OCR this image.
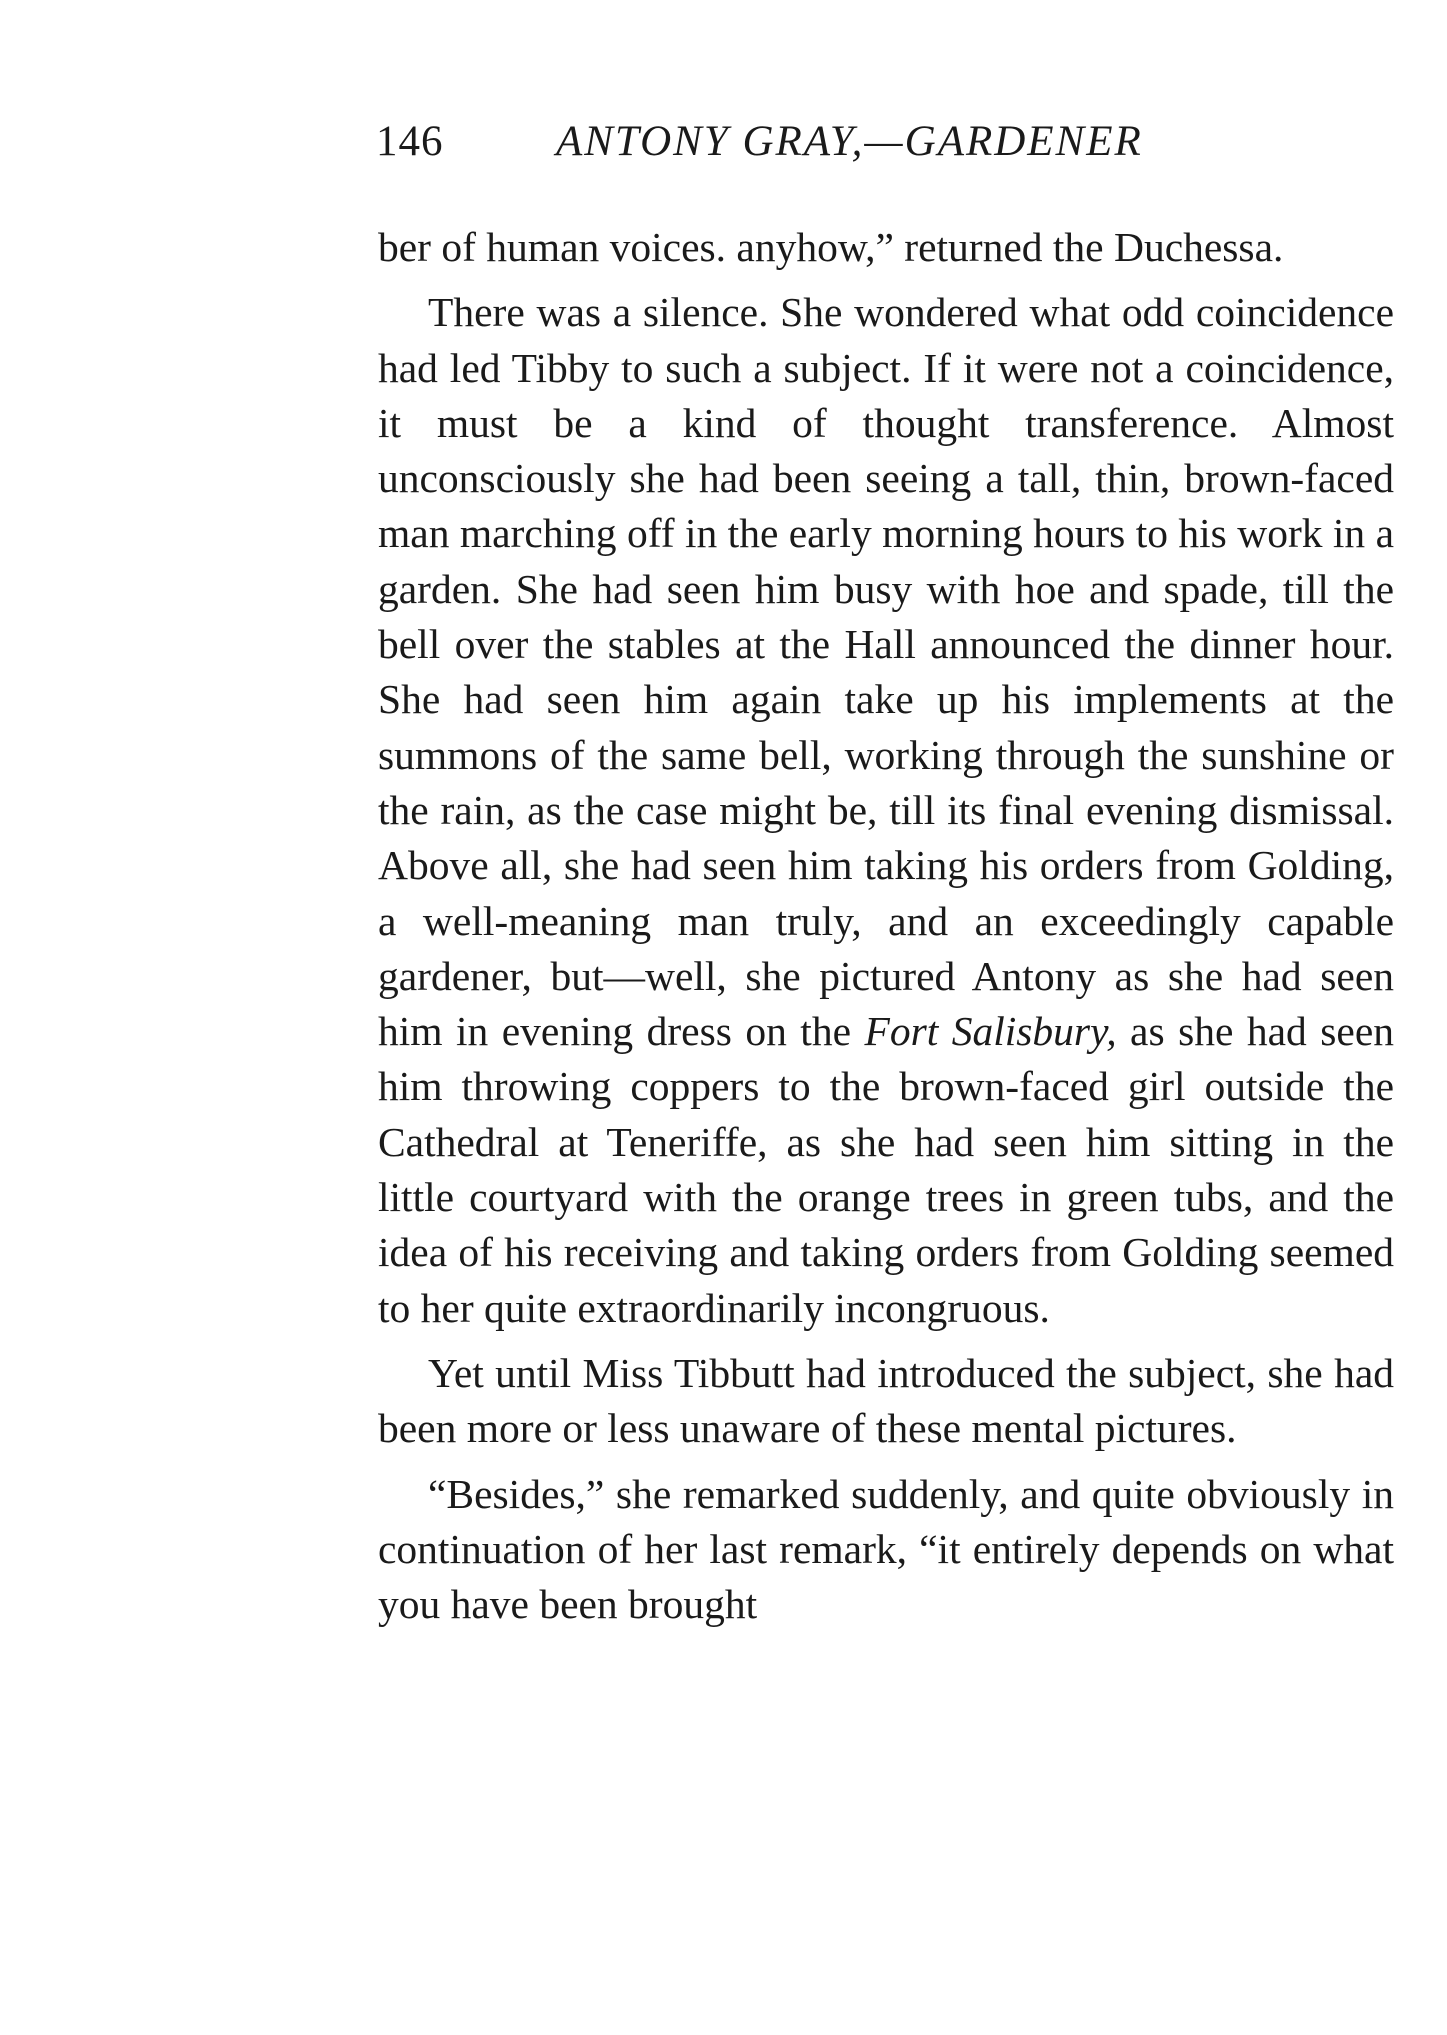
146	ANTONY GRAY,—GARDENER

ber of human voices. anyhow,” returned the Duchessa.

There was a silence. She wondered what odd coincidence had led Tibby to such a subject. If it were not a coincidence, it must be a kind of thought transference. Almost unconsciously she had been seeing a tall, thin, brown-faced man marching off in the early morning hours to his work in a garden. She had seen him busy with hoe and spade, till the bell over the stables at the Hall announced the dinner hour. She had seen him again take up his implements at the summons of the same bell, working through the sunshine or the rain, as the case might be, till its final evening dismissal. Above all, she had seen him taking his orders from Golding, a well-meaning man truly, and an exceedingly capable gardener, but—well, she pictured Antony as she had seen him in evening dress on the Fort Salisbury, as she had seen him throwing coppers to the brown-faced girl outside the Cathedral at Teneriffe, as she had seen him sitting in the little courtyard with the orange trees in green tubs, and the idea of his receiving and taking orders from Golding seemed to her quite extraordinarily incongruous.

Yet until Miss Tibbutt had introduced the subject, she had been more or less unaware of these mental pictures.

“Besides,” she remarked suddenly, and quite obviously in continuation of her last remark, “it entirely depends on what you have been brought
